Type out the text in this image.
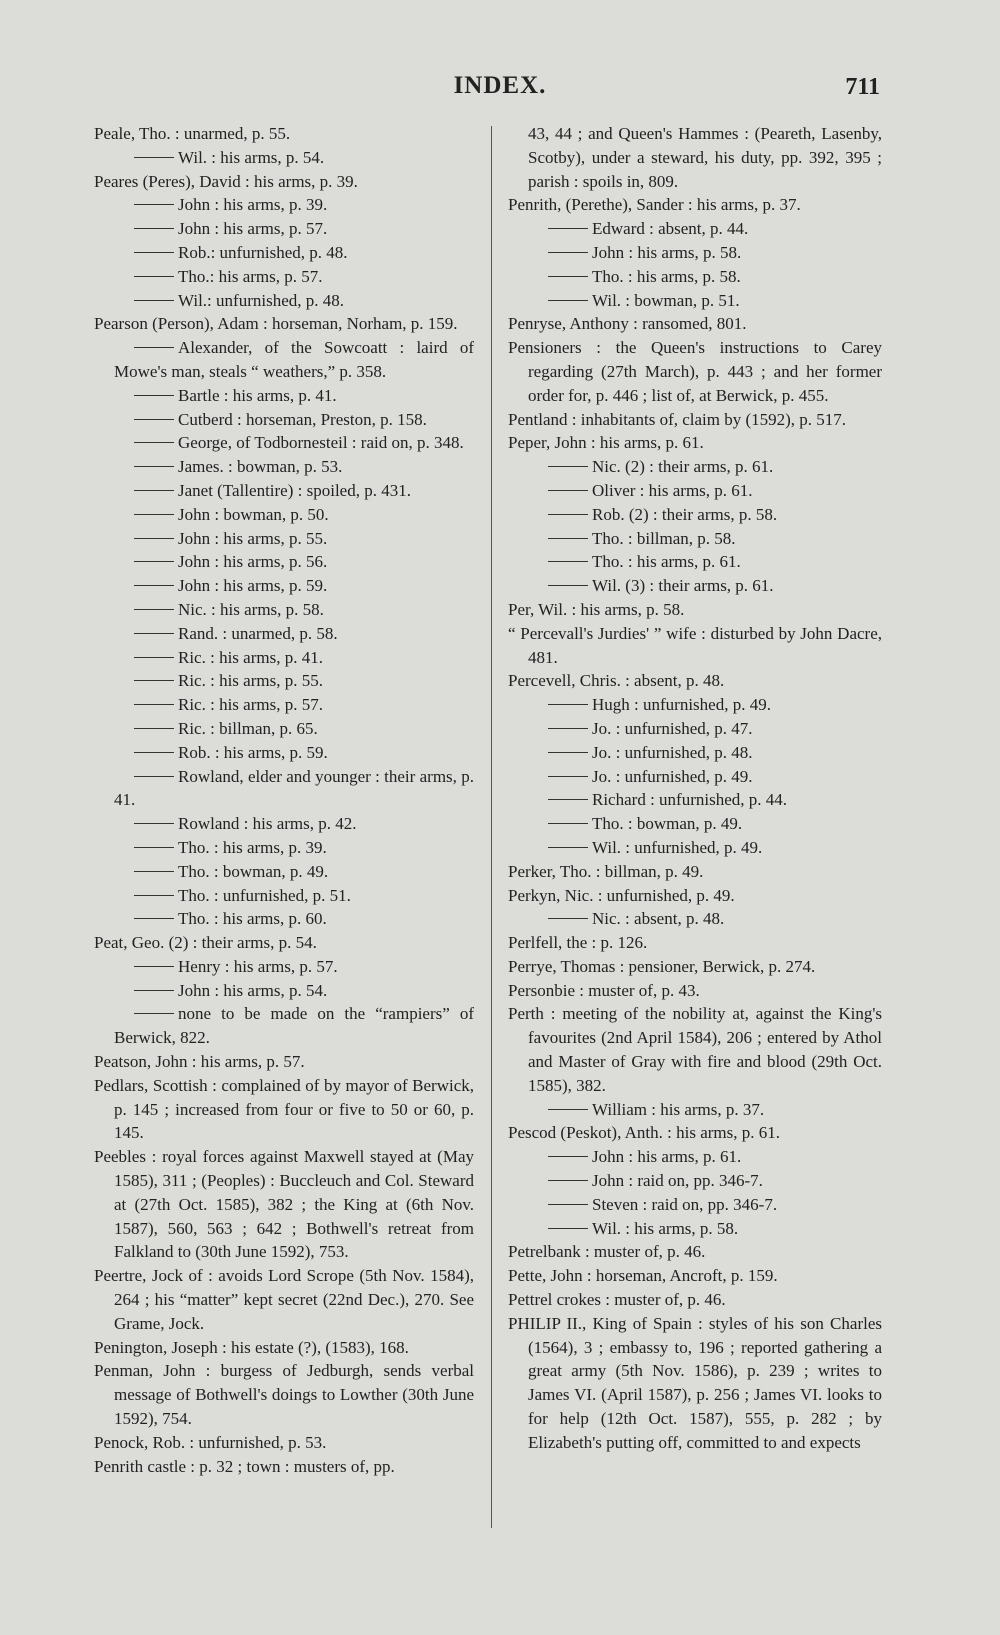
INDEX.	711
Peale, Tho. : unarmed, p. 55.
Wil. : his arms, p. 54.
Peares (Peres), David : his arms, p. 39.
John : his arms, p. 39.
John : his arms, p. 57.
Rob.: unfurnished, p. 48.
Tho.: his arms, p. 57.
Wil.: unfurnished, p. 48.
Pearson (Person), Adam : horseman, Norham, p. 159.
Alexander, of the Sowcoatt : laird of Mowe's man, steals “ weathers,” p. 358.
Bartle : his arms, p. 41.
Cutberd : horseman, Preston, p. 158.
George, of Todbornesteil : raid on, p. 348.
James. : bowman, p. 53.
Janet (Tallentire) : spoiled, p. 431.
John : bowman, p. 50.
John : his arms, p. 55.
John : his arms, p. 56.
John : his arms, p. 59.
Nic. : his arms, p. 58.
Rand. : unarmed, p. 58.
Ric. : his arms, p. 41.
Ric. : his arms, p. 55.
Ric. : his arms, p. 57.
Ric. : billman, p. 65.
Rob. : his arms, p. 59.
Rowland, elder and younger : their arms, p. 41.
Rowland : his arms, p. 42.
Tho. : his arms, p. 39.
Tho. : bowman, p. 49.
Tho. : unfurnished, p. 51.
Tho. : his arms, p. 60.
Peat, Geo. (2) : their arms, p. 54.
Henry : his arms, p. 57.
John : his arms, p. 54.
none to be made on the “rampiers” of Berwick, 822.
Peatson, John : his arms, p. 57.
Pedlars, Scottish : complained of by mayor of Berwick, p. 145 ; increased from four or five to 50 or 60, p. 145.
Peebles : royal forces against Maxwell stayed at (May 1585), 311 ; (Peoples) : Buccleuch and Col. Steward at (27th Oct. 1585), 382 ; the King at (6th Nov. 1587), 560, 563 ; 642 ; Bothwell's retreat from Falkland to (30th June 1592), 753.
Peertre, Jock of : avoids Lord Scrope (5th Nov. 1584), 264 ; his “matter” kept secret (22nd Dec.), 270. See Grame, Jock.
Penington, Joseph : his estate (?), (1583), 168.
Penman, John : burgess of Jedburgh, sends verbal message of Bothwell's doings to Lowther (30th June 1592), 754.
Penock, Rob. : unfurnished, p. 53.
Penrith castle : p. 32 ; town : musters of, pp.
43, 44 ; and Queen's Hammes : (Peareth, Lasenby, Scotby), under a steward, his duty, pp. 392, 395 ; parish : spoils in, 809.
Penrith, (Perethe), Sander : his arms, p. 37.
Edward : absent, p. 44.
John : his arms, p. 58.
Tho. : his arms, p. 58.
Wil. : bowman, p. 51.
Penryse, Anthony : ransomed, 801.
Pensioners : the Queen's instructions to Carey regarding (27th March), p. 443 ; and her former order for, p. 446 ; list of, at Berwick, p. 455.
Pentland : inhabitants of, claim by (1592), p. 517.
Peper, John : his arms, p. 61.
Nic. (2) : their arms, p. 61.
Oliver : his arms, p. 61.
Rob. (2) : their arms, p. 58.
Tho. : billman, p. 58.
Tho. : his arms, p. 61.
Wil. (3) : their arms, p. 61.
Per, Wil. : his arms, p. 58.
“ Percevall's Jurdies' ” wife : disturbed by John Dacre, 481.
Percevell, Chris. : absent, p. 48.
Hugh : unfurnished, p. 49.
Jo. : unfurnished, p. 47.
Jo. : unfurnished, p. 48.
Jo. : unfurnished, p. 49.
Richard : unfurnished, p. 44.
Tho. : bowman, p. 49.
Wil. : unfurnished, p. 49.
Perker, Tho. : billman, p. 49.
Perkyn, Nic. : unfurnished, p. 49.
Nic. : absent, p. 48.
Perlfell, the : p. 126.
Perrye, Thomas : pensioner, Berwick, p. 274.
Personbie : muster of, p. 43.
Perth : meeting of the nobility at, against the King's favourites (2nd April 1584), 206 ; entered by Athol and Master of Gray with fire and blood (29th Oct. 1585), 382.
William : his arms, p. 37.
Pescod (Peskot), Anth. : his arms, p. 61.
John : his arms, p. 61.
John : raid on, pp. 346-7.
Steven : raid on, pp. 346-7.
Wil. : his arms, p. 58.
Petrelbank : muster of, p. 46.
Pette, John : horseman, Ancroft, p. 159.
Pettrel crokes : muster of, p. 46.
PHILIP II., King of Spain : styles of his son Charles (1564), 3 ; embassy to, 196 ; reported gathering a great army (5th Nov. 1586), p. 239 ; writes to James VI. (April 1587), p. 256 ; James VI. looks to for help (12th Oct. 1587), 555, p. 282 ; by Elizabeth's putting off, committed to and expects
